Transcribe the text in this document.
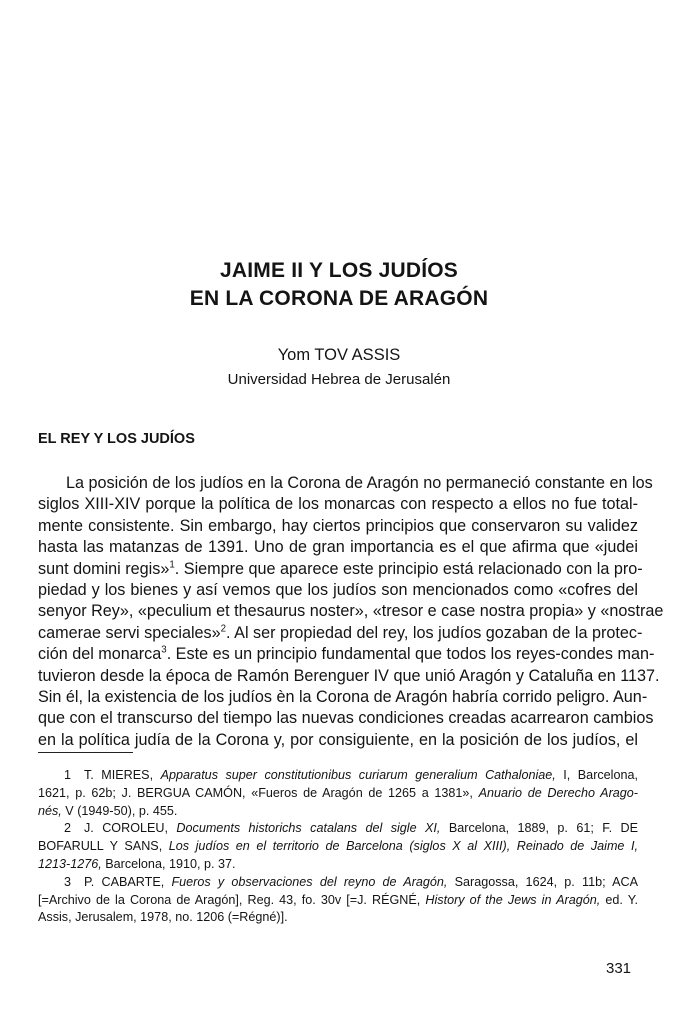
JAIME II Y LOS JUDÍOS
EN LA CORONA DE ARAGÓN
Yom TOV ASSIS
Universidad Hebrea de Jerusalén
EL REY Y LOS JUDÍOS
La posición de los judíos en la Corona de Aragón no permaneció constante en los
siglos XIII-XIV porque la política de los monarcas con respecto a ellos no fue total-
mente consistente. Sin embargo, hay ciertos principios que conservaron su validez
hasta las matanzas de 1391. Uno de gran importancia es el que afirma que «judei
sunt domini regis»$^1$. Siempre que aparece este principio está relacionado con la pro-
piedad y los bienes y así vemos que los judíos son mencionados como «cofres del
senyor Rey», «peculium et thesaurus noster», «tresor e case nostra propia» y «nostrae
camerae servi speciales»$^2$. Al ser propiedad del rey, los judíos gozaban de la protec-
ción del monarca$^3$. Este es un principio fundamental que todos los reyes-condes man-
tuvieron desde la época de Ramón Berenguer IV que unió Aragón y Cataluña en 1137.
Sin él, la existencia de los judíos èn la Corona de Aragón habría corrido peligro. Aun-
que con el transcurso del tiempo las nuevas condiciones creadas acarrearon cambios
en la política judía de la Corona y, por consiguiente, en la posición de los judíos, el
1 T. MIERES, Apparatus super constitutionibus curiarum generalium Cathaloniae, I, Barcelona,
1621, p. 62b; J. BERGUA CAMÓN, «Fueros de Aragón de 1265 a 1381», Anuario de Derecho Arago-
nés, V (1949-50), p. 455.
2 J. COROLEU, Documents historichs catalans del sigle XI, Barcelona, 1889, p. 61; F. DE
BOFARULL Y SANS, Los judíos en el territorio de Barcelona (siglos X al XIII), Reinado de Jaime I,
1213-1276, Barcelona, 1910, p. 37.
3 P. CABARTE, Fueros y observaciones del reyno de Aragón, Saragossa, 1624, p. 11b; ACA
[=Archivo de la Corona de Aragón], Reg. 43, fo. 30v [=J. RÉGNÉ, History of the Jews in Aragón, ed. Y.
Assis, Jerusalem, 1978, no. 1206 (=Régné)].
331
